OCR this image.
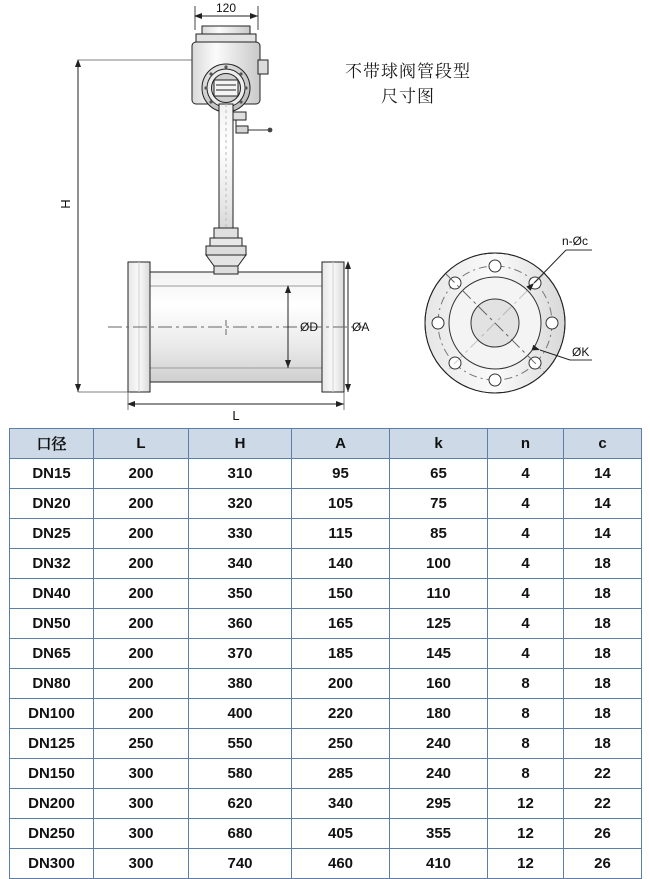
120
H
L
ØD	ØA
n-Øc
ØK
不带球阀管段型
尺寸图
口径	L	H	A	k	n	c
DN15	200	310	95	65	4	14
DN20	200	320	105	75	4	14
DN25	200	330	115	85	4	14
DN32	200	340	140	100	4	18
DN40	200	350	150	110	4	18
DN50	200	360	165	125	4	18
DN65	200	370	185	145	4	18
DN80	200	380	200	160	8	18
DN100	200	400	220	180	8	18
DN125	250	550	250	240	8	18
DN150	300	580	285	240	8	22
DN200	300	620	340	295	12	22
DN250	300	680	405	355	12	26
DN300	300	740	460	410	12	26
